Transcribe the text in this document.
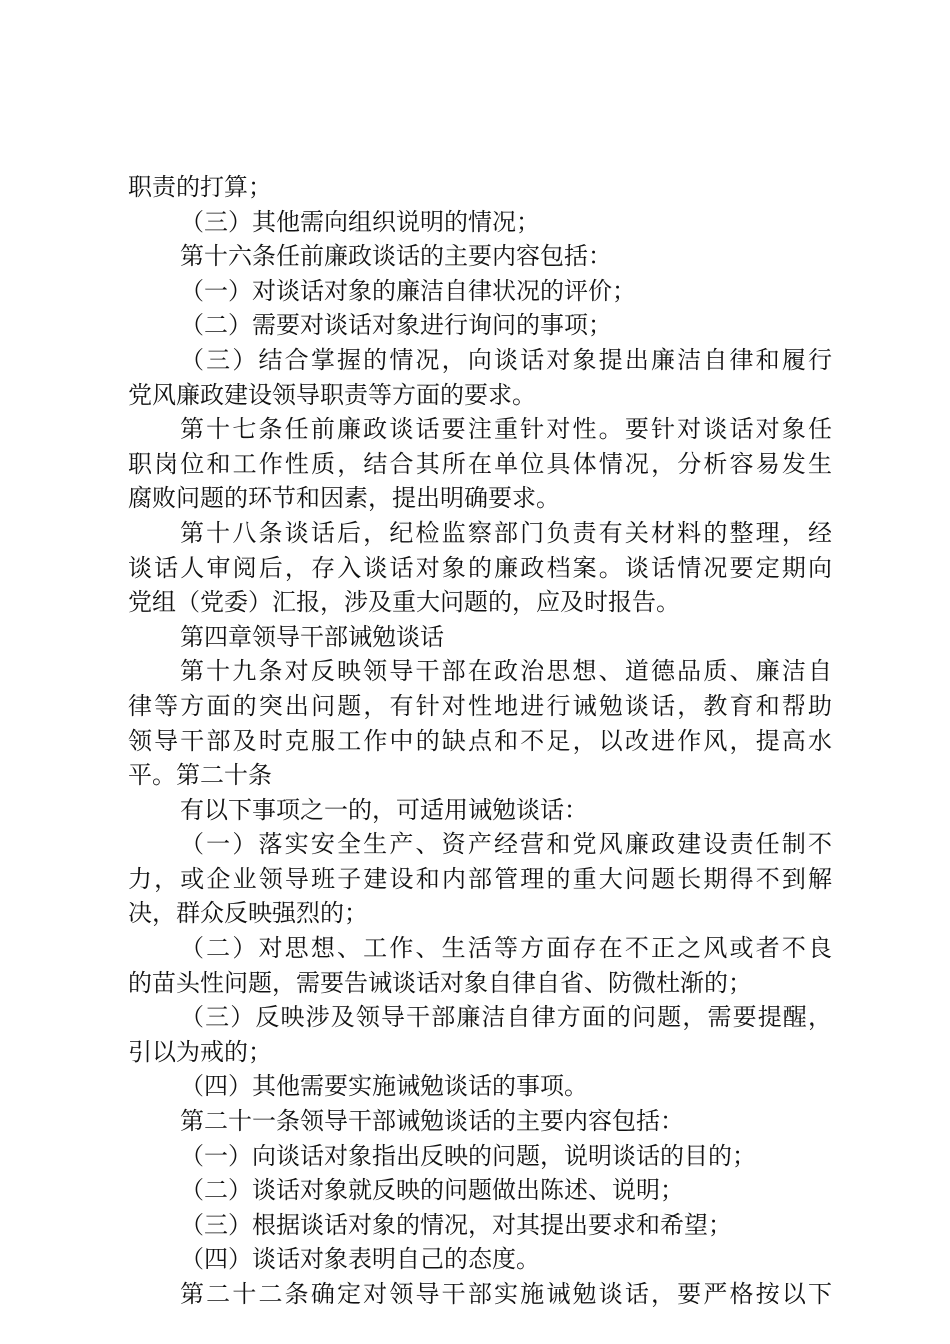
职责的打算；
（三）其他需向组织说明的情况；
第十六条任前廉政谈话的主要内容包括：
（一）对谈话对象的廉洁自律状况的评价；
（二）需要对谈话对象进行询问的事项；
（三）结合掌握的情况，向谈话对象提出廉洁自律和履行
党风廉政建设领导职责等方面的要求。
第十七条任前廉政谈话要注重针对性。要针对谈话对象任
职岗位和工作性质，结合其所在单位具体情况，分析容易发生
腐败问题的环节和因素，提出明确要求。
第十八条谈话后，纪检监察部门负责有关材料的整理，经
谈话人审阅后，存入谈话对象的廉政档案。谈话情况要定期向
党组（党委）汇报，涉及重大问题的，应及时报告。
第四章领导干部诫勉谈话
第十九条对反映领导干部在政治思想、道德品质、廉洁自
律等方面的突出问题，有针对性地进行诫勉谈话，教育和帮助
领导干部及时克服工作中的缺点和不足，以改进作风，提高水
平。第二十条
有以下事项之一的，可适用诫勉谈话：
（一）落实安全生产、资产经营和党风廉政建设责任制不
力，或企业领导班子建设和内部管理的重大问题长期得不到解
决，群众反映强烈的；
（二）对思想、工作、生活等方面存在不正之风或者不良
的苗头性问题，需要告诫谈话对象自律自省、防微杜渐的；
（三）反映涉及领导干部廉洁自律方面的问题，需要提醒，
引以为戒的；
（四）其他需要实施诫勉谈话的事项。
第二十一条领导干部诫勉谈话的主要内容包括：
（一）向谈话对象指出反映的问题，说明谈话的目的；
（二）谈话对象就反映的问题做出陈述、说明；
（三）根据谈话对象的情况，对其提出要求和希望；
（四）谈话对象表明自己的态度。
第二十二条确定对领导干部实施诫勉谈话，要严格按以下
